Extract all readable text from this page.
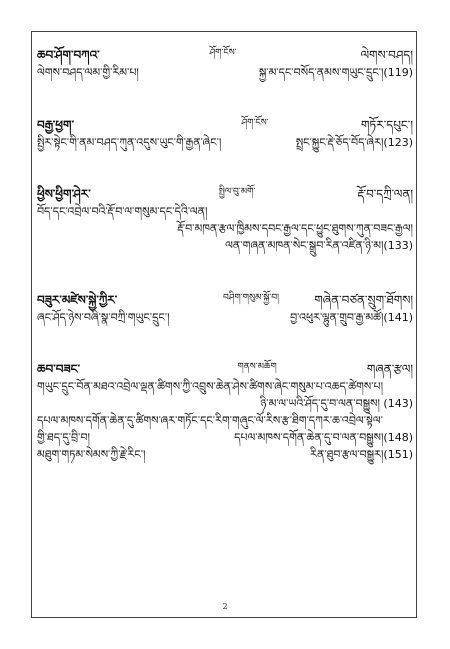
ཆབ་ཤོག་བཀའ་	ཤོག་ངོས་	ལེགས་བཤད།
ལེགས་བཤད་ལམ་གྱི་རིམ་པ།	སྐྱ་མ་དང་བསོད་ནམས་གཡུང་དྲུང་།(119)
བརྒྱ་ཕྱག་	ཤོག་ངོས་	གཏོར་དཔུང་།
སྤྱིར་སྟེང་གི་ནམ་བཤད་ཀུན་འདུས་ཡུང་གི་རྒྱན་ཞེང་།	སྤྲང་སྐྱུང་རྡེ་ཅོད་བོད་ཞེར།(123)
ཕྱིས་ཕྱིག་ཤེར་	སྤྱིལ་བུ་མགོ་	རྡོ་བ་དཀྲི་ལན།
བོད་དང་འབྲེལ་བའི་རྡོ་བ་ལ་གསུམ་དང་དེའི་ལན།
རྡོ་བ་མཁན་རྩལ་ཁྱིམས་དབང་རྒྱལ་དང་ཕྱུང་ཐུགས་ཀུན་བཟང་རྒྱལ།
ལན་གཞན་མཁན་སེང་སྒྲུབ་རིན་འཛིན་ཉི་མ།(133)
བཟུར་མཛེས་སྐྱེ་ཀྱིར་	བཤིག་གསུམ་སྐྱོ་བ།	གཞེན་བཙན་སྲུག་ཐོགས།
ཞང་ཤོད་ཉེས་བཞི་སྣ་བཀྲི་གཡུང་དྲུང་།	བྱ་འཕུར་ལྷུན་གྲུབ་རྒྱ་མཚོ།(141)
ཆབ་བཟང་	གནས་མཆོག	གཞན་རྩལ།
གཡུང་དྲུང་བོན་མཐའ་འབྲེལ་ལྡན་ཚིགས་ཀྱི་འབྲུས་ཆེན་ཤེས་ཚིགས་ཞེང་གསུམ་པ་འཆད་ཚེགས་པ།
ཉི་མ་ལ་ཡའི་ཤོད་དུ་བ་ལན་བསྒྱུས། (143)
དཔལ་མཁས་དགོན་ཆེན་དུ་ཚིགས་ཞར་གཏོང་དང་རིག་གཞུང་ལོ་རིས་རྩ་ཐིག་དཀར་ཆ་འབྲེལ་སྟེལ་
གྱི་ཐད་དུ་བྲི་བ།	དཔལ་མཁས་དགོན་ཆེན་དུ་བ་ལན་བསྒྱུས།(148)
མཐུག་གཏམ་སེམས་ཀྱི་རྗེ་རིང་།	རིན་ཐུབ་རྩལ་བསྒྱུར།(151)
2
